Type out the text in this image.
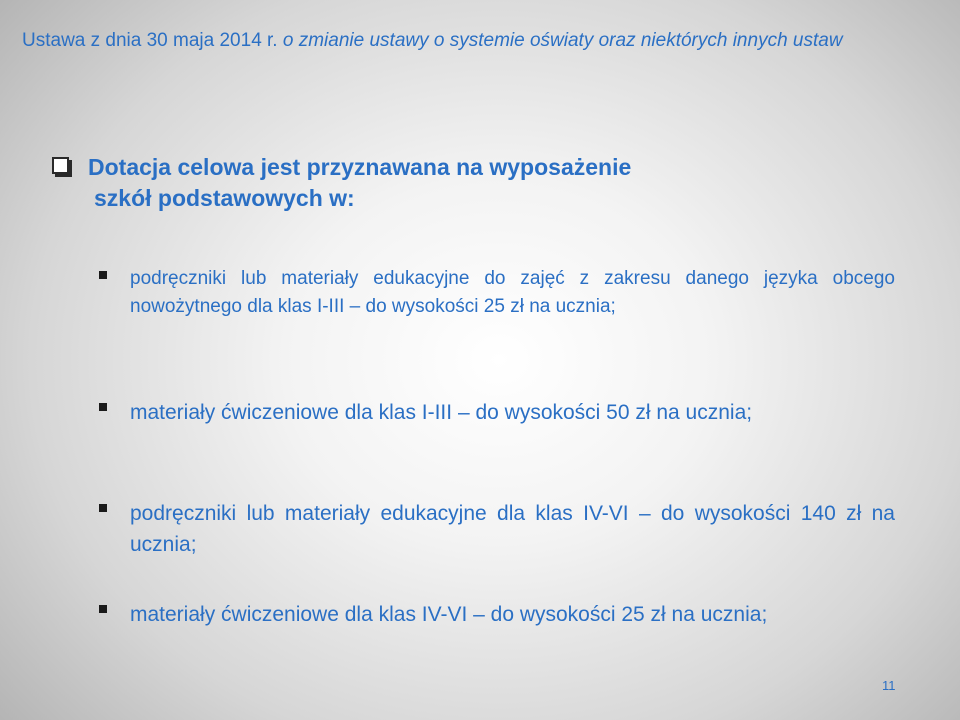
Ustawa z dnia 30 maja 2014 r. o zmianie ustawy o systemie oświaty oraz niektórych innych ustaw
Dotacja celowa jest przyznawana na wyposażenie
szkół podstawowych w:
podręczniki lub materiały edukacyjne do zajęć z zakresu danego języka obcego nowożytnego dla klas I-III – do wysokości 25 zł na ucznia;
materiały ćwiczeniowe dla klas I-III – do wysokości 50 zł na ucznia;
podręczniki lub materiały edukacyjne dla klas IV-VI – do wysokości 140 zł na ucznia;
materiały ćwiczeniowe dla klas IV-VI – do wysokości 25 zł na ucznia;
11
